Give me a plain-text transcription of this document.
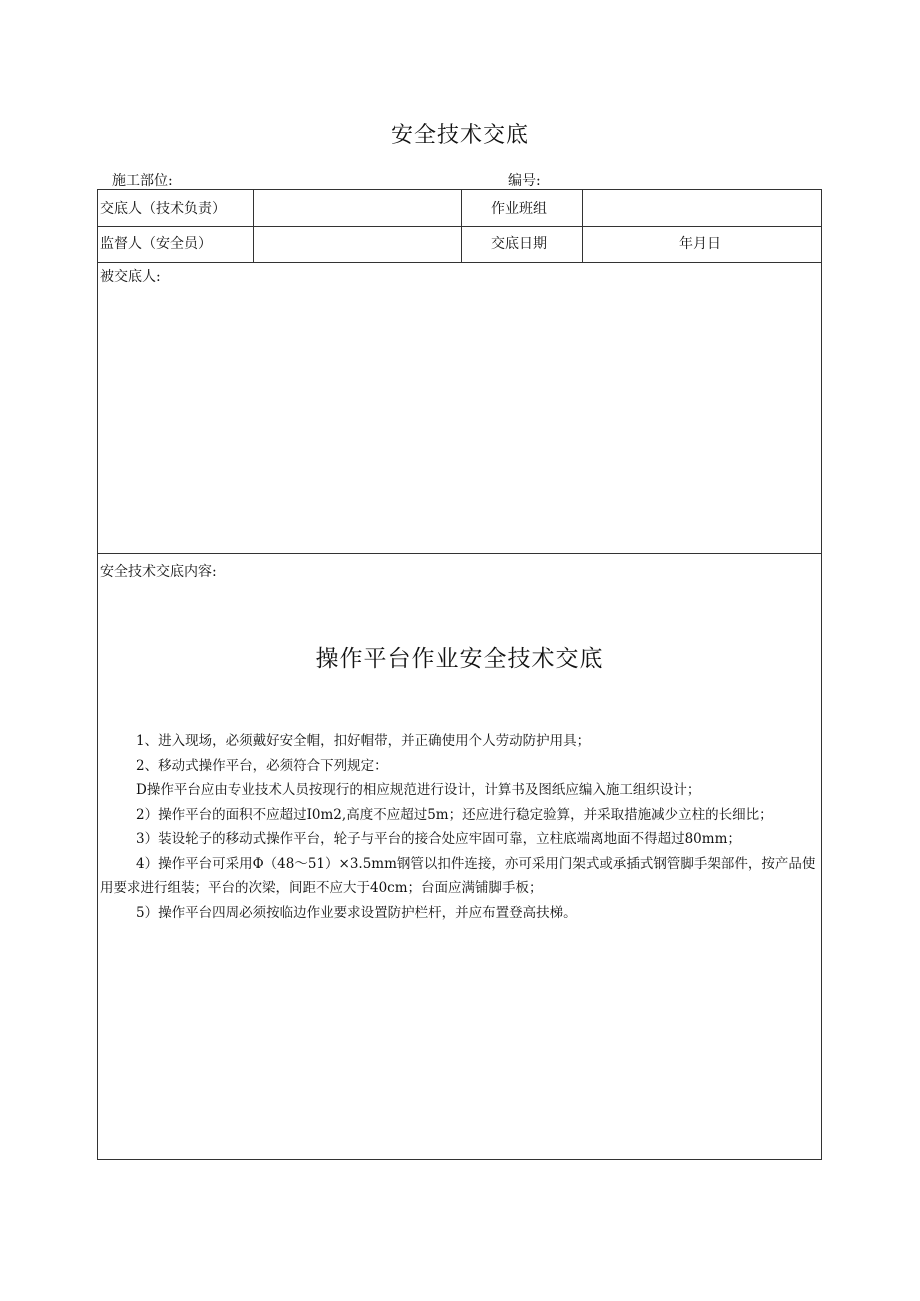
安全技术交底
施工部位:	编号:
交底人（技术负责）	作业班组
监督人（安全员）	交底日期	年月日
被交底人:
安全技术交底内容:
操作平台作业安全技术交底

1、进入现场，必须戴好安全帽，扣好帽带，并正确使用个人劳动防护用具；

2、移动式操作平台，必须符合下列规定：

D操作平台应由专业技术人员按现行的相应规范进行设计，计算书及图纸应编入施工组织设计；

2）操作平台的面积不应超过I0m2,高度不应超过5m；还应进行稳定验算，并采取措施减少立柱的长细比；

3）装设轮子的移动式操作平台，轮子与平台的接合处应牢固可靠，立柱底端离地面不得超过80mm；

4）操作平台可采用Φ（48～51）×3.5mm钢管以扣件连接，亦可采用门架式或承插式钢管脚手架部件，按产品使用要求进行组装；平台的次梁，间距不应大于40cm；台面应满铺脚手板；

5）操作平台四周必须按临边作业要求设置防护栏杆，并应布置登高扶梯。
